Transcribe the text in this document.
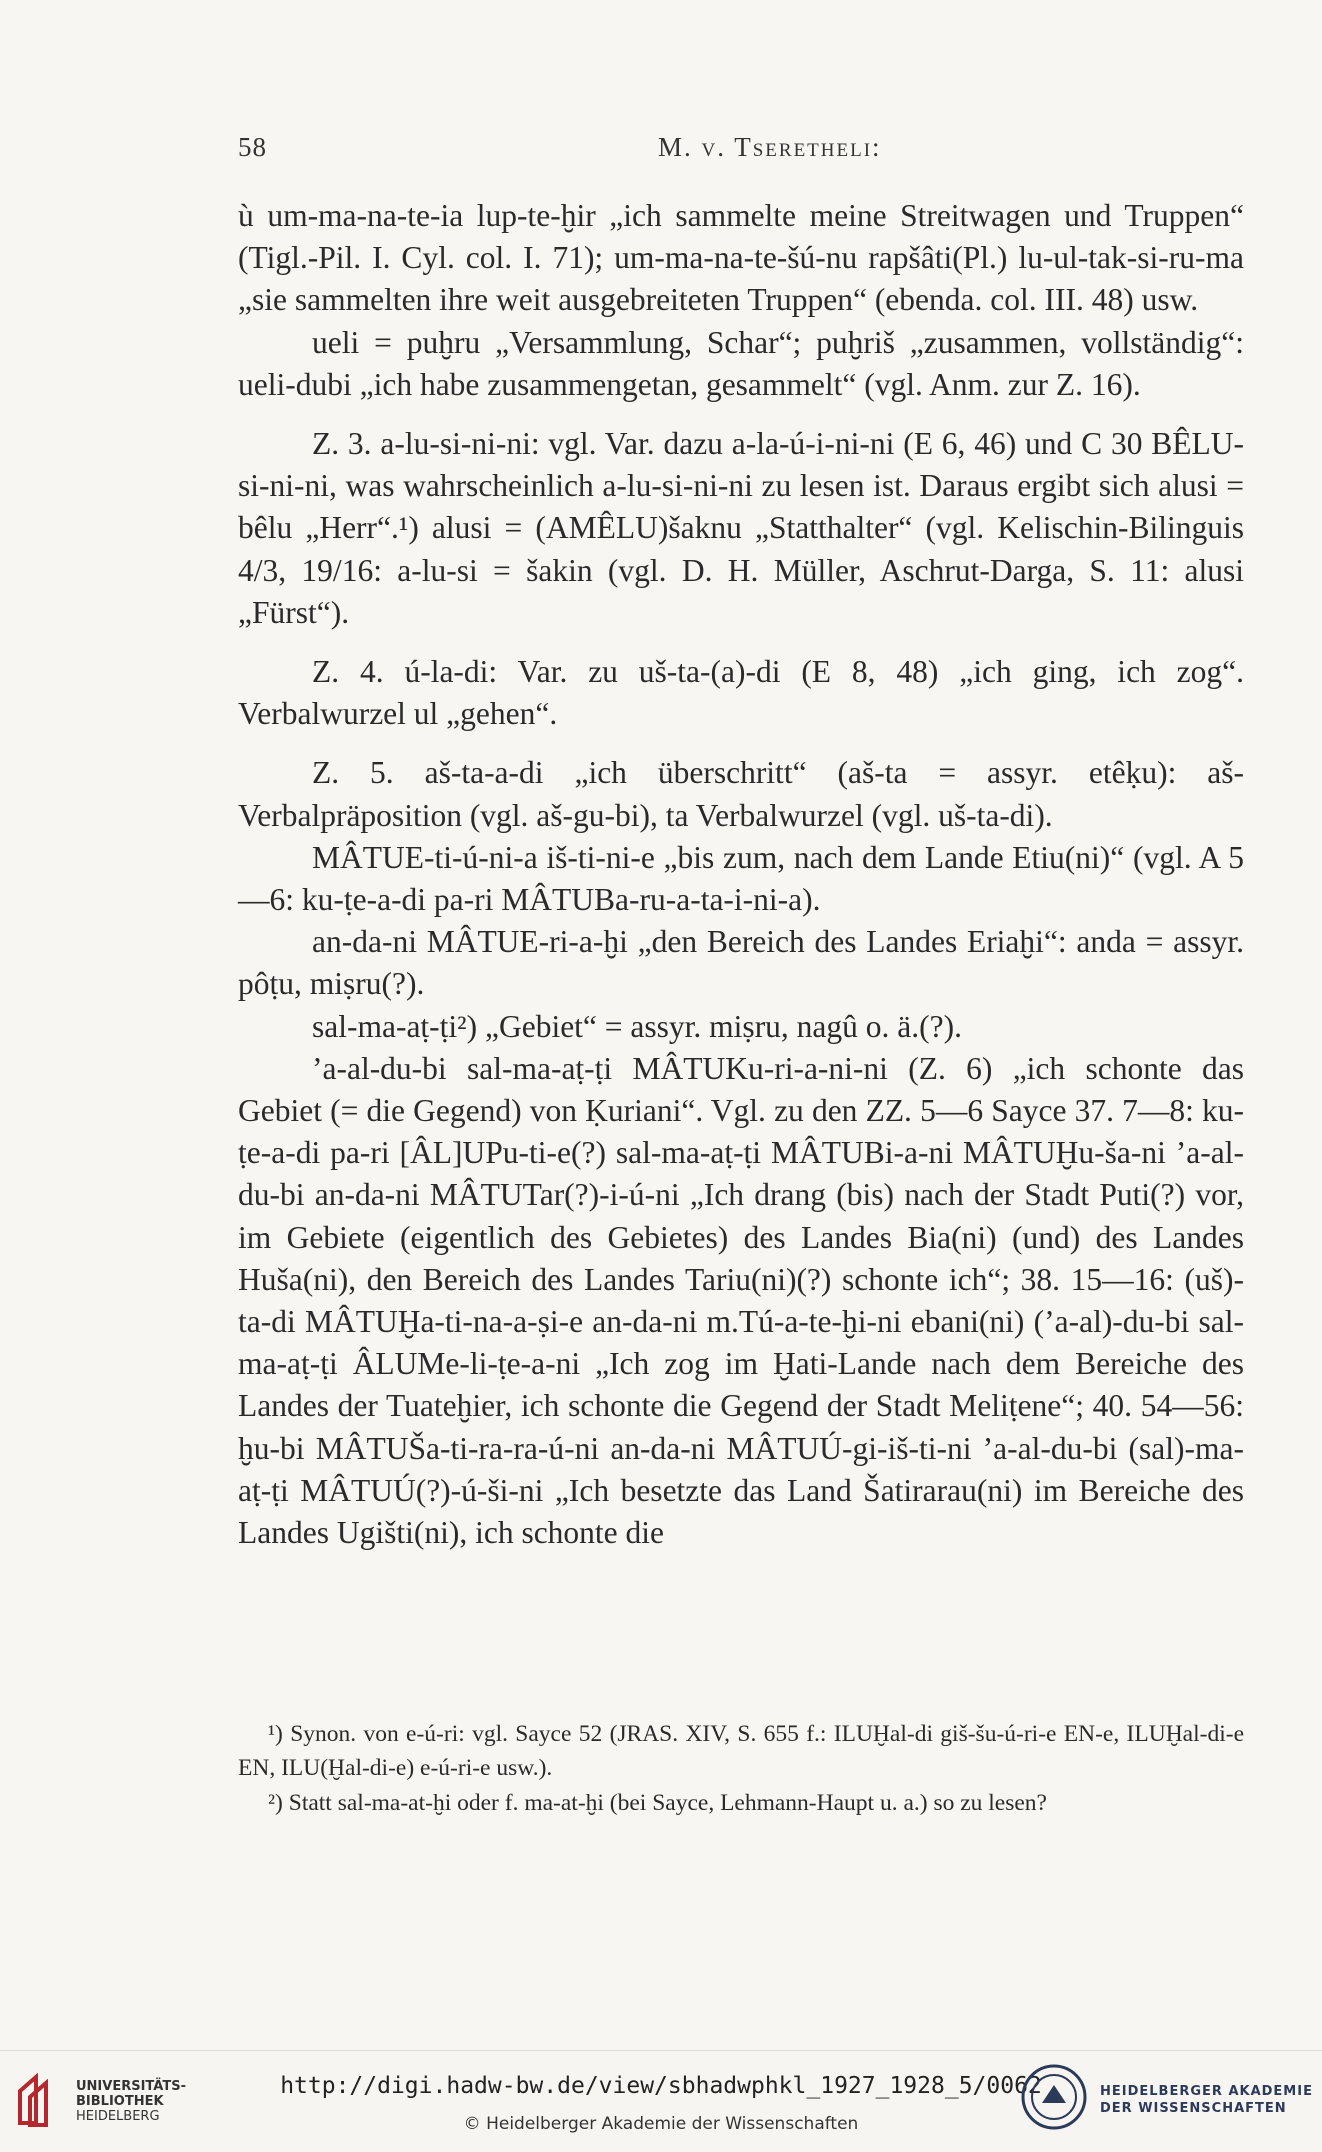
58	M. v. Tseretheli:

ù um-ma-na-te-ia lup-te-ḫir „ich sammelte meine Streitwagen und Truppen“ (Tigl.-Pil. I. Cyl. col. I. 71); um-ma-na-te-šú-nu rapšâti(Pl.) lu-ul-tak-si-ru-ma „sie sammelten ihre weit ausgebreiteten Truppen“ (ebenda. col. III. 48) usw.

ueli = puḫru „Versammlung, Schar“; puḫriš „zusammen, vollständig“: ueli-dubi „ich habe zusammengetan, gesammelt“ (vgl. Anm. zur Z. 16).

Z. 3. a-lu-si-ni-ni: vgl. Var. dazu a-la-ú-i-ni-ni (E 6, 46) und C 30 BÊLU-si-ni-ni, was wahrscheinlich a-lu-si-ni-ni zu lesen ist. Daraus ergibt sich alusi = bêlu „Herr“.¹) alusi = (AMÊLU)šaknu „Statthalter“ (vgl. Kelischin-Bilinguis 4/3, 19/16: a-lu-si = šakin (vgl. D. H. Müller, Aschrut-Darga, S. 11: alusi „Fürst“).

Z. 4. ú-la-di: Var. zu uš-ta-(a)-di (E 8, 48) „ich ging, ich zog“. Verbalwurzel ul „gehen“.

Z. 5. aš-ta-a-di „ich überschritt“ (aš-ta = assyr. etêḳu): aš- Verbalpräposition (vgl. aš-gu-bi), ta Verbalwurzel (vgl. uš-ta-di).

MÂTUE-ti-ú-ni-a iš-ti-ni-e „bis zum, nach dem Lande Etiu(ni)“ (vgl. A 5—6: ku-ṭe-a-di pa-ri MÂTUBa-ru-a-ta-i-ni-a).

an-da-ni MÂTUE-ri-a-ḫi „den Bereich des Landes Eriaḫi“: anda = assyr. pôṭu, miṣru(?).

sal-ma-aṭ-ṭi²) „Gebiet“ = assyr. miṣru, nagû o. ä.(?).

’a-al-du-bi sal-ma-aṭ-ṭi MÂTUKu-ri-a-ni-ni (Z. 6) „ich schonte das Gebiet (= die Gegend) von Ḳuriani“. Vgl. zu den ZZ. 5—6 Sayce 37. 7—8: ku-ṭe-a-di pa-ri [ÂL]UPu-ti-e(?) sal-ma-aṭ-ṭi MÂTUBi-a-ni MÂTUḪu-ša-ni ’a-al-du-bi an-da-ni MÂTUTar(?)-i-ú-ni „Ich drang (bis) nach der Stadt Puti(?) vor, im Gebiete (eigentlich des Gebietes) des Landes Bia(ni) (und) des Landes Huša(ni), den Bereich des Landes Tariu(ni)(?) schonte ich“; 38. 15—16: (uš)-ta-di MÂTUḪa-ti-na-a-ṣi-e an-da-ni m.Tú-a-te-ḫi-ni ebani(ni) (’a-al)-du-bi sal-ma-aṭ-ṭi ÂLUMe-li-ṭe-a-ni „Ich zog im Ḫati-Lande nach dem Bereiche des Landes der Tuateḫier, ich schonte die Gegend der Stadt Meliṭene“; 40. 54—56: ḫu-bi MÂTUŠa-ti-ra-ra-ú-ni an-da-ni MÂTUÚ-gi-iš-ti-ni ’a-al-du-bi (sal)-ma-aṭ-ṭi MÂTUÚ(?)-ú-ši-ni „Ich besetzte das Land Šatirarau(ni) im Bereiche des Landes Ugišti(ni), ich schonte die

¹) Synon. von e-ú-ri: vgl. Sayce 52 (JRAS. XIV, S. 655 f.: ILUḪal-di giš-šu-ú-ri-e EN-e, ILUḪal-di-e EN, ILU(Ḫal-di-e) e-ú-ri-e usw.).

²) Statt sal-ma-at-ḫi oder f. ma-at-ḫi (bei Sayce, Lehmann-Haupt u. a.) so zu lesen?

UNIVERSITÄTS-
BIBLIOTHEK
HEIDELBERG
http://digi.hadw-bw.de/view/sbhadwphkl_1927_1928_5/0062
© Heidelberger Akademie der Wissenschaften
HEIDELBERGER AKADEMIE
DER WISSENSCHAFTEN
